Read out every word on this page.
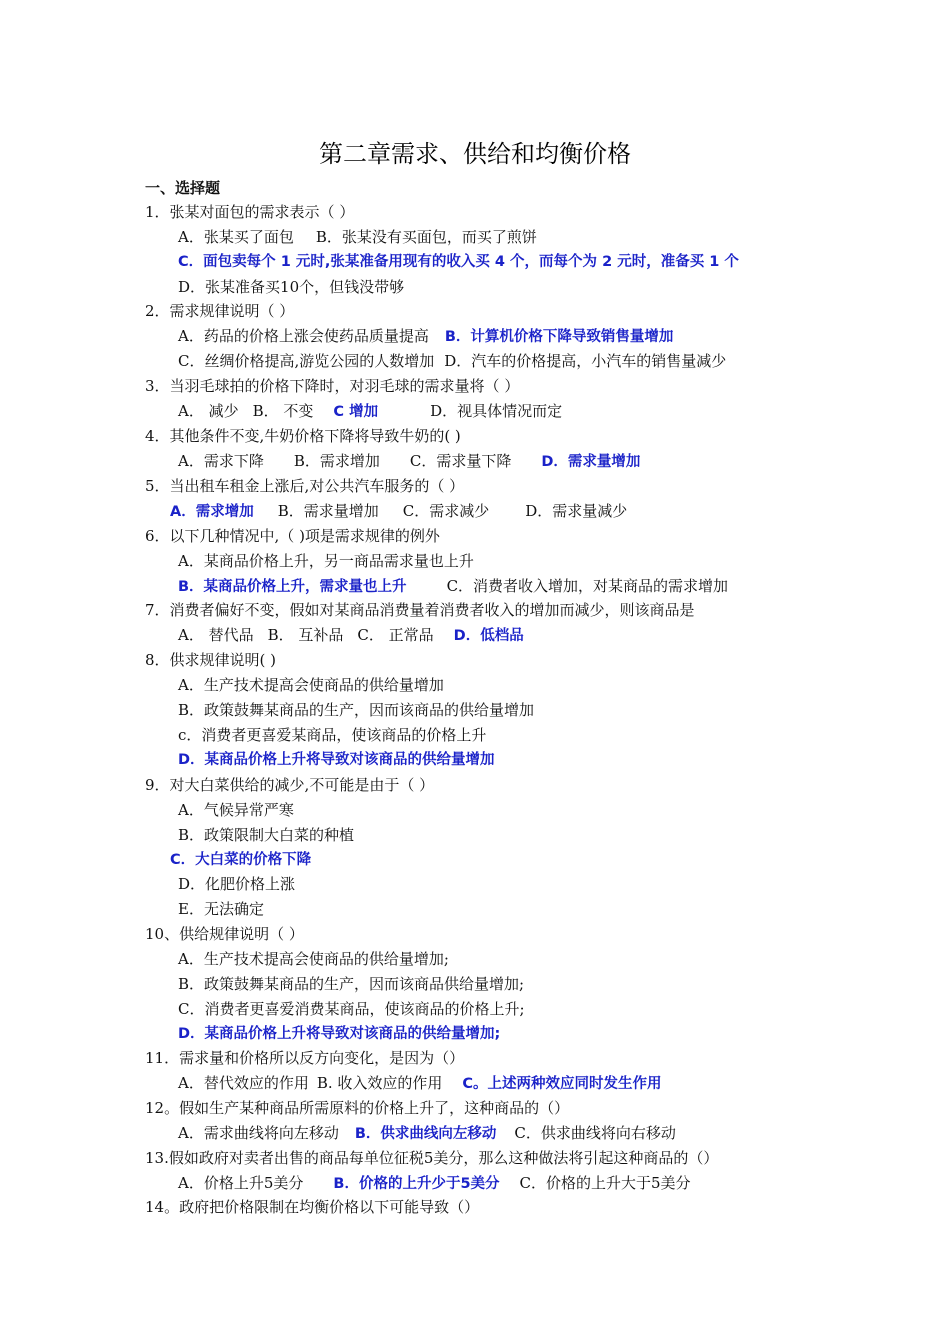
第二章需求、供给和均衡价格
一、选择题
1．张某对面包的需求表示（ ）
A．张某买了面包 B．张某没有买面包，而买了煎饼
C．面包卖每个 1 元时,张某准备用现有的收入买 4 个，而每个为 2 元时，准备买 1 个
D．张某准备买10个，但钱没带够
2．需求规律说明（ ）
A．药品的价格上涨会使药品质量提高 B．计算机价格下降导致销售量增加
C．丝绸价格提高,游览公园的人数增加 D．汽车的价格提高，小汽车的销售量减少
3．当羽毛球拍的价格下降时，对羽毛球的需求量将（ ）
A． 减少 B． 不变 C 增加	D．视具体情况而定
4．其他条件不变,牛奶价格下降将导致牛奶的( )
A．需求下降 B．需求增加 C．需求量下降 D．需求量增加
5．当出租车租金上涨后,对公共汽车服务的（ ）
A．需求增加 B．需求量增加 C．需求减少 D．需求量减少
6．以下几种情况中,（ )项是需求规律的例外
A．某商品价格上升，另一商品需求量也上升
B．某商品价格上升，需求量也上升	C．消费者收入增加，对某商品的需求增加
7．消费者偏好不变，假如对某商品消费量着消费者收入的增加而减少，则该商品是
A． 替代品 B． 互补品 C． 正常品 D．低档品
8．供求规律说明( )
A．生产技术提高会使商品的供给量增加
B．政策鼓舞某商品的生产，因而该商品的供给量增加
c．消费者更喜爱某商品，使该商品的价格上升
D．某商品价格上升将导致对该商品的供给量增加
9．对大白菜供给的减少,不可能是由于（ ）
A．气候异常严寒
B．政策限制大白菜的种植
C．大白菜的价格下降
D．化肥价格上涨
E．无法确定
10、供给规律说明（ ）
A．生产技术提高会使商品的供给量增加;
B．政策鼓舞某商品的生产，因而该商品供给量增加;
C．消费者更喜爱消费某商品，使该商品的价格上升;
D．某商品价格上升将导致对该商品的供给量增加;
11．需求量和价格所以反方向变化，是因为（）
A．替代效应的作用 B. 收入效应的作用 C。上述两种效应同时发生作用
12。假如生产某种商品所需原料的价格上升了，这种商品的（）
A．需求曲线将向左移动 B．供求曲线向左移动 C．供求曲线将向右移动
13.假如政府对卖者出售的商品每单位征税5美分，那么这种做法将引起这种商品的（）
A．价格上升5美分 B．价格的上升少于5美分 C．价格的上升大于5美分
14。政府把价格限制在均衡价格以下可能导致（）
